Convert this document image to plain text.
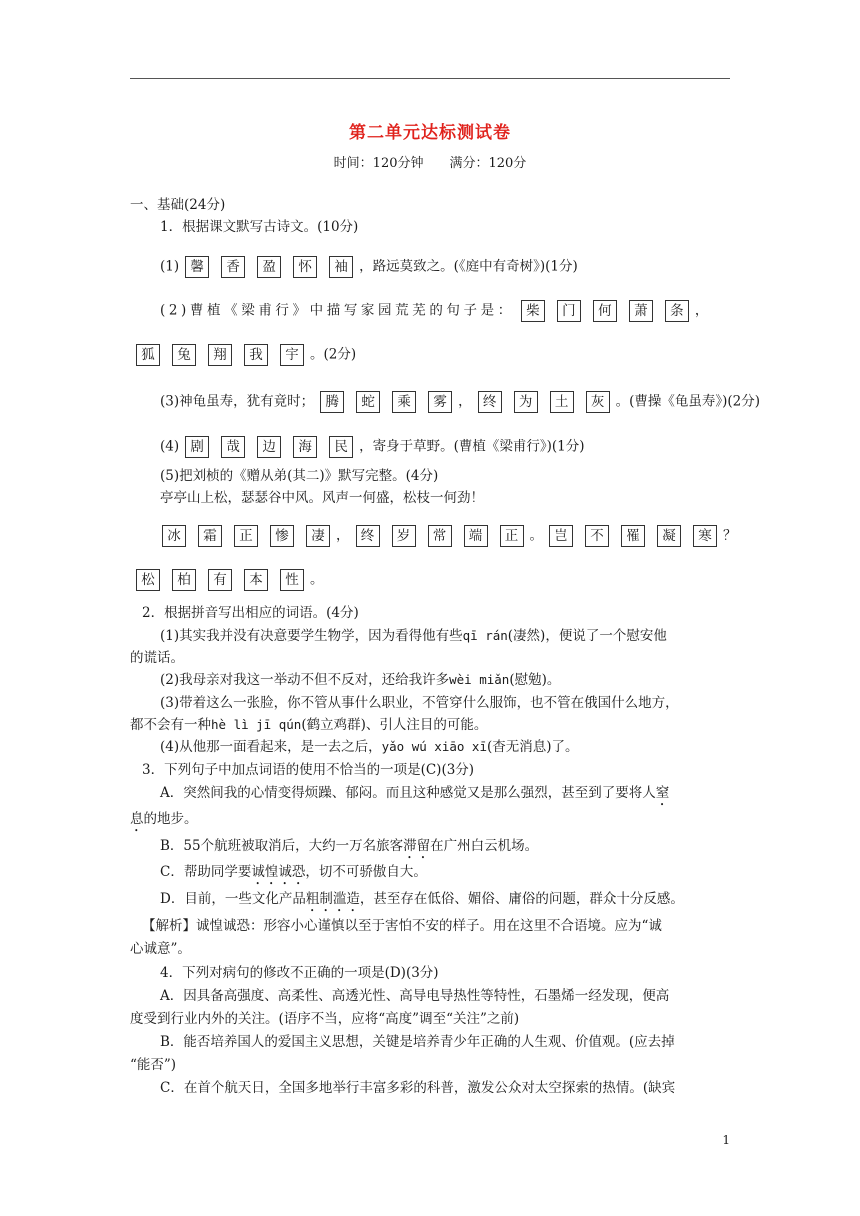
第二单元达标测试卷
时间：120分钟　　满分：120分
一、基础(24分)
1．根据课文默写古诗文。(10分)
(1) 馨 香 盈 怀 袖 ，路远莫致之。(《庭中有奇树》)(1分)
(2)曹植《梁甫行》中描写家园荒芜的句子是： 柴 门 何 萧 条 ，
狐 兔 翔 我 宇 。(2分)
(3)神龟虽寿，犹有竟时； 腾 蛇 乘 雾 ， 终 为 土 灰 。(曹操《龟虽寿》)(2分)
(4) 剧 哉 边 海 民 ，寄身于草野。(曹植《梁甫行》)(1分)
(5)把刘桢的《赠从弟(其二)》默写完整。(4分)
亭亭山上松，瑟瑟谷中风。风声一何盛，松枝一何劲！
冰 霜 正 惨 凄 ， 终 岁 常 端 正 。 岂 不 罹 凝 寒 ？
松 柏 有 本 性 。
2．根据拼音写出相应的词语。(4分)
(1)其实我并没有决意要学生物学，因为看得他有些qī rán(凄然)，便说了一个慰安他
的谎话。
(2)我母亲对我这一举动不但不反对，还给我许多wèi miǎn(慰勉)。
(3)带着这么一张脸，你不管从事什么职业，不管穿什么服饰，也不管在俄国什么地方，
都不会有一种hè lì jī qún(鹤立鸡群)、引人注目的可能。
(4)从他那一面看起来，是一去之后，yǎo wú xiāo xī(杳无消息)了。
3．下列句子中加点词语的使用不恰当的一项是(C)(3分)
A．突然间我的心情变得烦躁、郁闷。而且这种感觉又是那么强烈，甚至到了要将人窒
息的地步。
B．55个航班被取消后，大约一万名旅客滞留在广州白云机场。
C．帮助同学要诚惶诚恐，切不可骄傲自大。
D．目前，一些文化产品粗制滥造，甚至存在低俗、媚俗、庸俗的问题，群众十分反感。
【解析】诚惶诚恐：形容小心谨慎以至于害怕不安的样子。用在这里不合语境。应为“诚
心诚意”。
4．下列对病句的修改不正确的一项是(D)(3分)
A．因具备高强度、高柔性、高透光性、高导电导热性等特性，石墨烯一经发现，便高
度受到行业内外的关注。(语序不当，应将“高度”调至“关注”之前)
B．能否培养国人的爱国主义思想，关键是培养青少年正确的人生观、价值观。(应去掉
“能否”)
C．在首个航天日，全国多地举行丰富多彩的科普，激发公众对太空探索的热情。(缺宾
1
